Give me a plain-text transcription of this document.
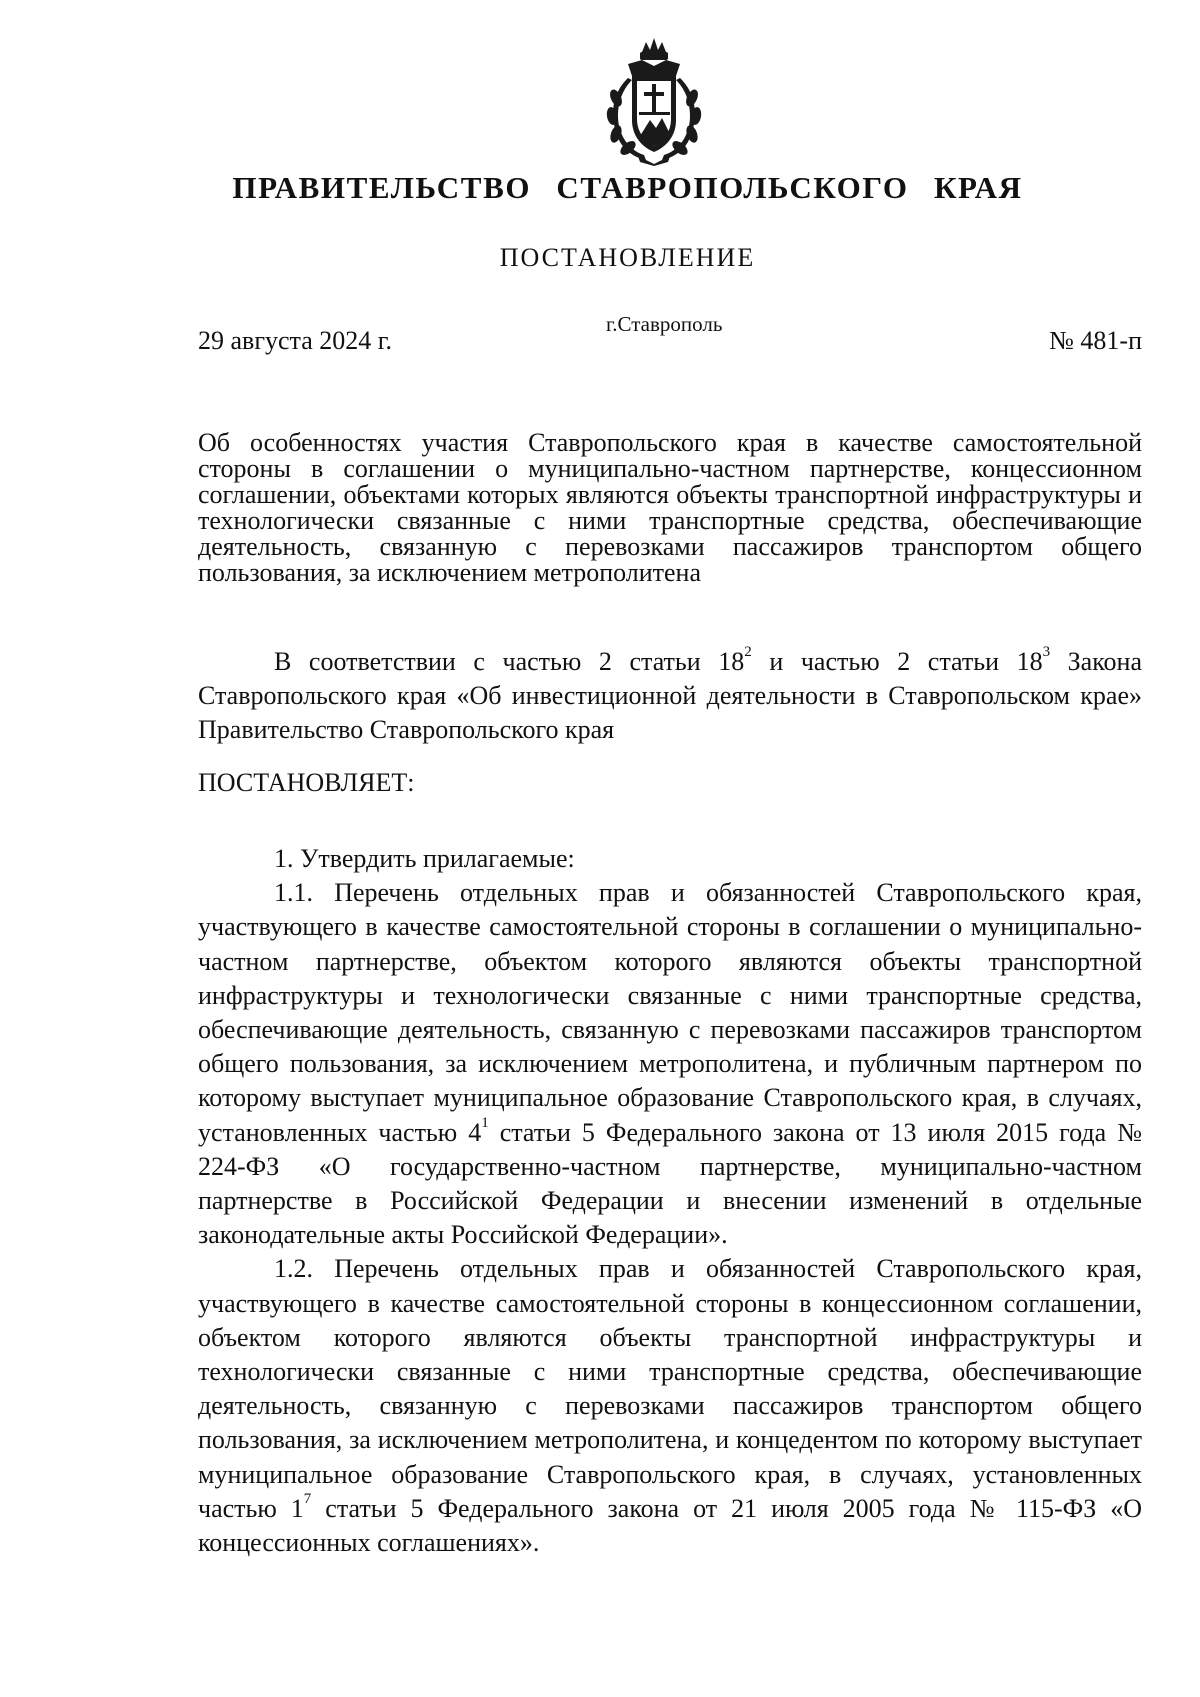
ПРАВИТЕЛЬСТВО СТАВРОПОЛЬСКОГО КРАЯ
ПОСТАНОВЛЕНИЕ
29 августа 2024 г.
г.Ставрополь
№ 481-п

Об особенностях участия Ставропольского края в качестве самостоятельной стороны в соглашении о муниципально-частном партнерстве, концессионном соглашении, объектами которых являются объекты транспортной инфраструктуры и технологически связанные с ними транспортные средства, обеспечивающие деятельность, связанную с перевозками пассажиров транспортом общего пользования, за исключением метрополитена

В соответствии с частью 2 статьи $18^2$ и частью 2 статьи $18^3$ Закона Ставропольского края «Об инвестиционной деятельности в Ставропольском крае» Правительство Ставропольского края

ПОСТАНОВЛЯЕТ:

1. Утвердить прилагаемые:

1.1. Перечень отдельных прав и обязанностей Ставропольского края, участвующего в качестве самостоятельной стороны в соглашении о муниципально-частном партнерстве, объектом которого являются объекты транспортной инфраструктуры и технологически связанные с ними транспортные средства, обеспечивающие деятельность, связанную с перевозками пассажиров транспортом общего пользования, за исключением метрополитена, и публичным партнером по которому выступает муниципальное образование Ставропольского края, в случаях, установленных частью $4^1$ статьи 5 Федерального закона от 13 июля 2015 года № 224-ФЗ «О государственно-частном партнерстве, муниципально-частном партнерстве в Российской Федерации и внесении изменений в отдельные законодательные акты Российской Федерации».

1.2. Перечень отдельных прав и обязанностей Ставропольского края, участвующего в качестве самостоятельной стороны в концессионном соглашении, объектом которого являются объекты транспортной инфраструктуры и технологически связанные с ними транспортные средства, обеспечивающие деятельность, связанную с перевозками пассажиров транспортом общего пользования, за исключением метрополитена, и концедентом по которому выступает муниципальное образование Ставропольского края, в случаях, установленных частью $1^7$ статьи 5 Федерального закона от 21 июля 2005 года № 115-ФЗ «О концессионных соглашениях».
